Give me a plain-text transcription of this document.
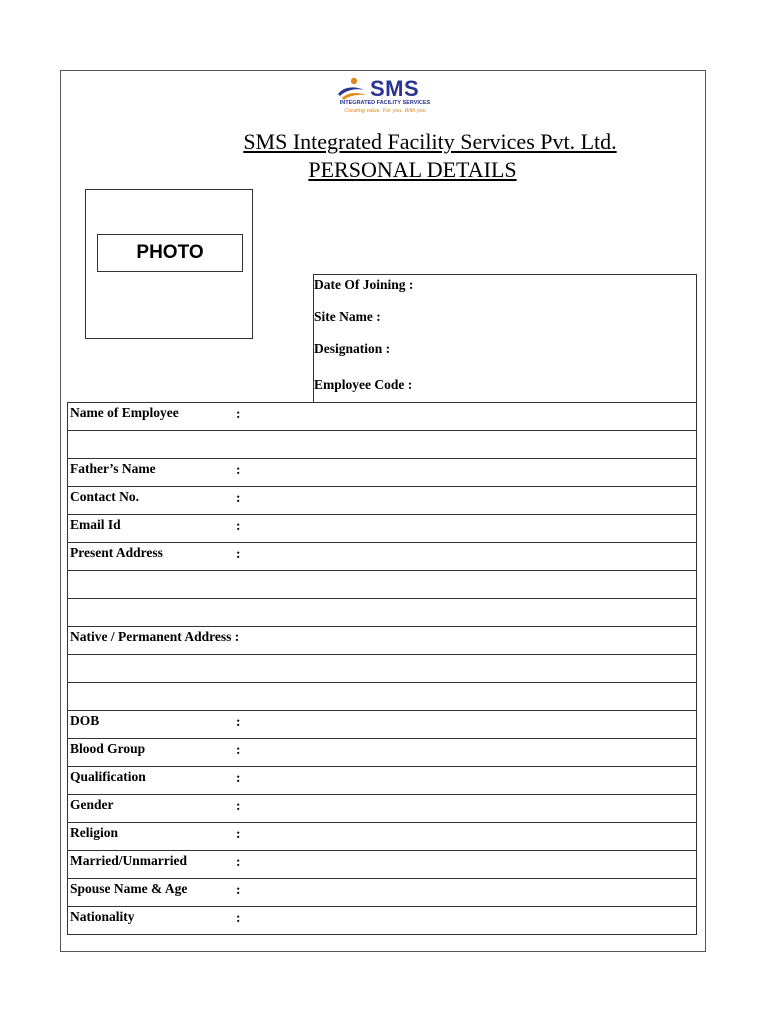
SMS
INTEGRATED FACILITY SERVICES
Creating value. For you. With you
SMS Integrated Facility Services Pvt. Ltd.
PERSONAL DETAILS
PHOTO
Date Of Joining :
Site Name :
Designation :
Employee Code :
Name of Employee	:

Father’s Name	:

Contact No.	:

Email Id	:

Present Address	:

Native / Permanent Address :

DOB	:

Blood Group	:

Qualification	:

Gender	:

Religion	:

Married/Unmarried	:

Spouse Name & Age	:

Nationality	:
